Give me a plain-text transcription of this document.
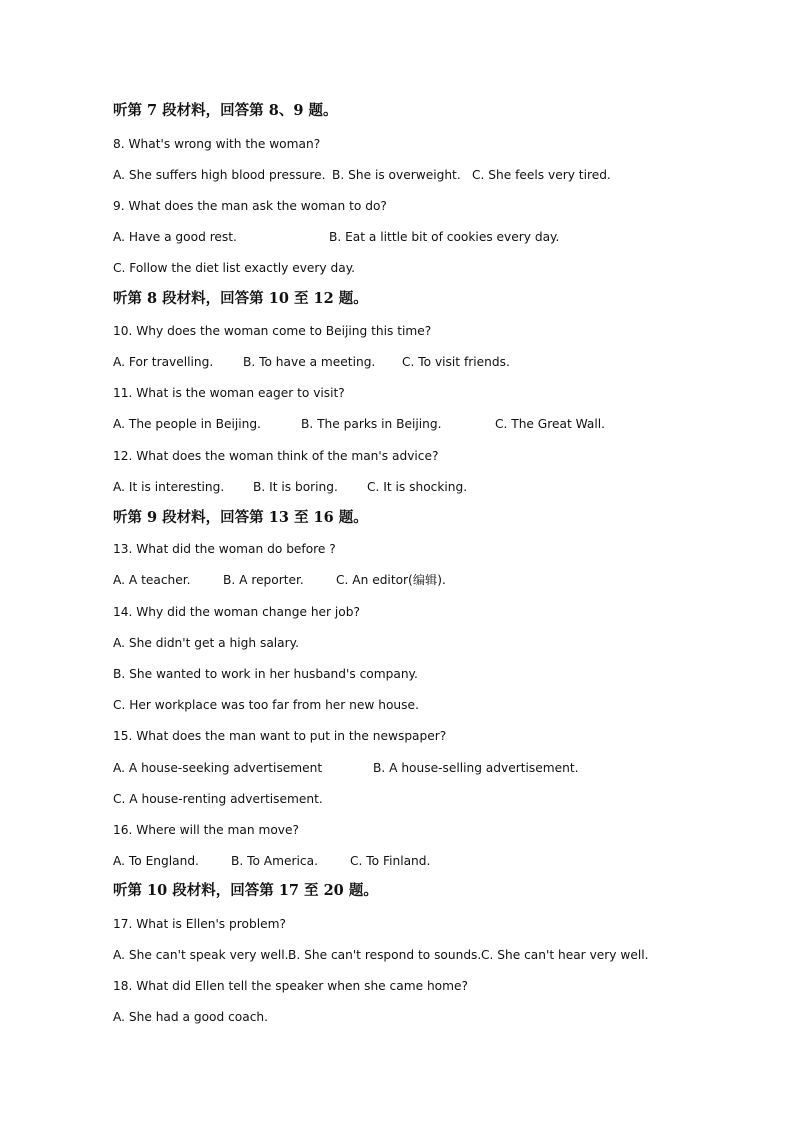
听第 7 段材料，回答第 8、9 题。
8. What's wrong with the woman?
A. She suffers high blood pressure. B. She is overweight. C. She feels very tired.
9. What does the man ask the woman to do?
A. Have a good rest.	B. Eat a little bit of cookies every day.
C. Follow the diet list exactly every day.
听第 8 段材料，回答第 10 至 12 题。
10. Why does the woman come to Beijing this time?
A. For travelling. B. To have a meeting. C. To visit friends.
11. What is the woman eager to visit?
A. The people in Beijing.	B. The parks in Beijing.	C. The Great Wall.
12. What does the woman think of the man's advice?
A. It is interesting. B. It is boring. C. It is shocking.
听第 9 段材料，回答第 13 至 16 题。
13. What did the woman do before ?
A. A teacher.	B. A reporter.	C. An editor(编辑).
14. Why did the woman change her job?
A. She didn't get a high salary.
B. She wanted to work in her husband's company.
C. Her workplace was too far from her new house.
15. What does the man want to put in the newspaper?
A. A house-seeking advertisement	B. A house-selling advertisement.
C. A house-renting advertisement.
16. Where will the man move?
A. To England.	B. To America.	C. To Finland.
听第 10 段材料，回答第 17 至 20 题。
17. What is Ellen's problem?
A. She can't speak very well. B. She can't respond to sounds. C. She can't hear very well.
18. What did Ellen tell the speaker when she came home?
A. She had a good coach.
